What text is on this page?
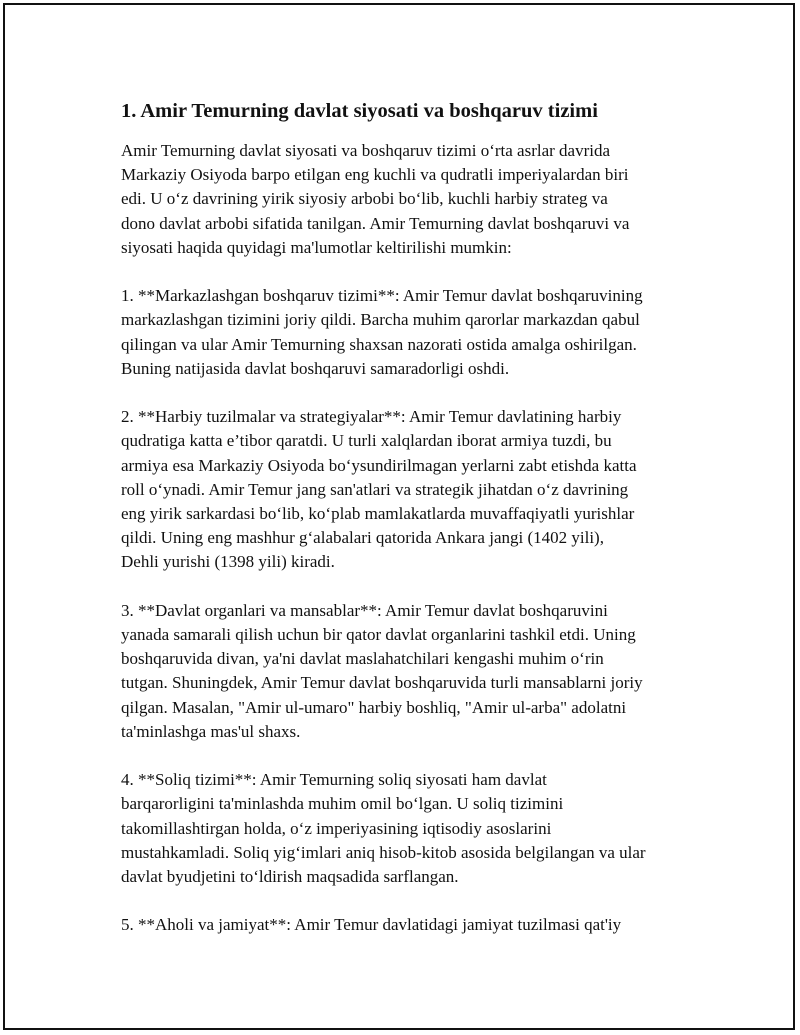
1. Amir Temurning davlat siyosati va boshqaruv tizimi
Amir Temurning davlat siyosati va boshqaruv tizimi o‘rta asrlar davrida
Markaziy Osiyoda barpo etilgan eng kuchli va qudratli imperiyalardan biri
edi. U o‘z davrining yirik siyosiy arbobi bo‘lib, kuchli harbiy strateg va
dono davlat arbobi sifatida tanilgan. Amir Temurning davlat boshqaruvi va
siyosati haqida quyidagi ma'lumotlar keltirilishi mumkin:
1. **Markazlashgan boshqaruv tizimi**: Amir Temur davlat boshqaruvining
markazlashgan tizimini joriy qildi. Barcha muhim qarorlar markazdan qabul
qilingan va ular Amir Temurning shaxsan nazorati ostida amalga oshirilgan.
Buning natijasida davlat boshqaruvi samaradorligi oshdi.
2. **Harbiy tuzilmalar va strategiyalar**: Amir Temur davlatining harbiy
qudratiga katta e’tibor qaratdi. U turli xalqlardan iborat armiya tuzdi, bu
armiya esa Markaziy Osiyoda bo‘ysundirilmagan yerlarni zabt etishda katta
roll o‘ynadi. Amir Temur jang san'atlari va strategik jihatdan o‘z davrining
eng yirik sarkardasi bo‘lib, ko‘plab mamlakatlarda muvaffaqiyatli yurishlar
qildi. Uning eng mashhur g‘alabalari qatorida Ankara jangi (1402 yili),
Dehli yurishi (1398 yili) kiradi.
3. **Davlat organlari va mansablar**: Amir Temur davlat boshqaruvini
yanada samarali qilish uchun bir qator davlat organlarini tashkil etdi. Uning
boshqaruvida divan, ya'ni davlat maslahatchilari kengashi muhim o‘rin
tutgan. Shuningdek, Amir Temur davlat boshqaruvida turli mansablarni joriy
qilgan. Masalan, "Amir ul-umaro" harbiy boshliq, "Amir ul-arba" adolatni
ta'minlashga mas'ul shaxs.
4. **Soliq tizimi**: Amir Temurning soliq siyosati ham davlat
barqarorligini ta'minlashda muhim omil bo‘lgan. U soliq tizimini
takomillashtirgan holda, o‘z imperiyasining iqtisodiy asoslarini
mustahkamladi. Soliq yig‘imlari aniq hisob-kitob asosida belgilangan va ular
davlat byudjetini to‘ldirish maqsadida sarflangan.
5. **Aholi va jamiyat**: Amir Temur davlatidagi jamiyat tuzilmasi qat'iy
